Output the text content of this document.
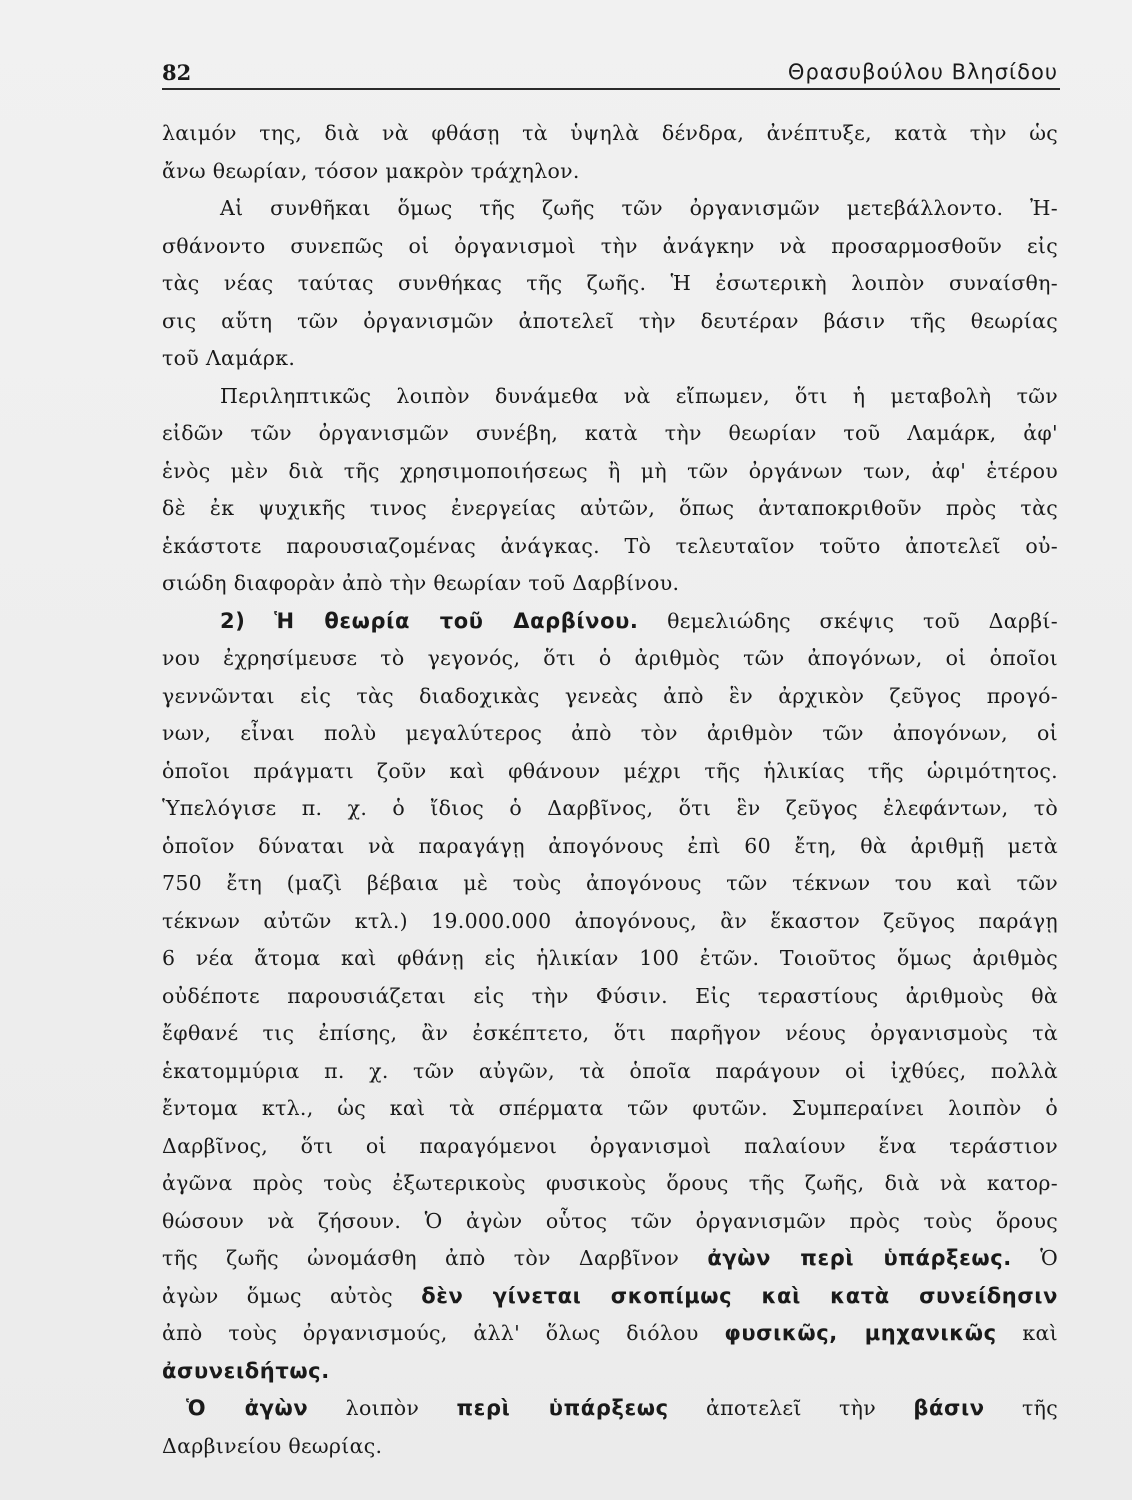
82	Θρασυβούλου Βλησίδου
λαιμόν της, διὰ νὰ φθάσῃ τὰ ὑψηλὰ δένδρα, ἀνέπτυξε, κατὰ τὴν ὡς
ἄνω θεωρίαν, τόσον μακρὸν τράχηλον.
Αἱ συνθῆκαι ὅμως τῆς ζωῆς τῶν ὀργανισμῶν μετεβάλλοντο. Ἠ-
σθάνοντο συνεπῶς οἱ ὀργανισμοὶ τὴν ἀνάγκην νὰ προσαρμοσθοῦν εἰς
τὰς νέας ταύτας συνθήκας τῆς ζωῆς. Ἡ ἐσωτερικὴ λοιπὸν συναίσθη-
σις αὕτη τῶν ὀργανισμῶν ἀποτελεῖ τὴν δευτέραν βάσιν τῆς θεωρίας
τοῦ Λαμάρκ.
Περιληπτικῶς λοιπὸν δυνάμεθα νὰ εἴπωμεν, ὅτι ἡ μεταβολὴ τῶν
εἰδῶν τῶν ὀργανισμῶν συνέβη, κατὰ τὴν θεωρίαν τοῦ Λαμάρκ, ἀφ'
ἑνὸς μὲν διὰ τῆς χρησιμοποιήσεως ἢ μὴ τῶν ὀργάνων των, ἀφ' ἑτέρου
δὲ ἐκ ψυχικῆς τινος ἐνεργείας αὐτῶν, ὅπως ἀνταποκριθοῦν πρὸς τὰς
ἑκάστοτε παρουσιαζομένας ἀνάγκας. Τὸ τελευταῖον τοῦτο ἀποτελεῖ οὐ-
σιώδη διαφορὰν ἀπὸ τὴν θεωρίαν τοῦ Δαρβίνου.
2) Ἡ θεωρία τοῦ Δαρβίνου. θεμελιώδης σκέψις τοῦ Δαρβί-
νου ἐχρησίμευσε τὸ γεγονός, ὅτι ὁ ἀριθμὸς τῶν ἀπογόνων, οἱ ὁποῖοι
γεννῶνται εἰς τὰς διαδοχικὰς γενεὰς ἀπὸ ἓν ἀρχικὸν ζεῦγος προγό-
νων, εἶναι πολὺ μεγαλύτερος ἀπὸ τὸν ἀριθμὸν τῶν ἀπογόνων, οἱ
ὁποῖοι πράγματι ζοῦν καὶ φθάνουν μέχρι τῆς ἡλικίας τῆς ὡριμότητος.
Ὑπελόγισε π. χ. ὁ ἴδιος ὁ Δαρβῖνος, ὅτι ἓν ζεῦγος ἐλεφάντων, τὸ
ὁποῖον δύναται νὰ παραγάγῃ ἀπογόνους ἐπὶ 60 ἔτη, θὰ ἀριθμῇ μετὰ
750 ἔτη (μαζὶ βέβαια μὲ τοὺς ἀπογόνους τῶν τέκνων του καὶ τῶν
τέκνων αὐτῶν κτλ.) 19.000.000 ἀπογόνους, ἂν ἕκαστον ζεῦγος παράγῃ
6 νέα ἄτομα καὶ φθάνῃ εἰς ἡλικίαν 100 ἐτῶν. Τοιοῦτος ὅμως ἀριθμὸς
οὐδέποτε παρουσιάζεται εἰς τὴν Φύσιν. Εἰς τεραστίους ἀριθμοὺς θὰ
ἔφθανέ τις ἐπίσης, ἂν ἐσκέπτετο, ὅτι παρῆγον νέους ὀργανισμοὺς τὰ
ἑκατομμύρια π. χ. τῶν αὐγῶν, τὰ ὁποῖα παράγουν οἱ ἰχθύες, πολλὰ
ἔντομα κτλ., ὡς καὶ τὰ σπέρματα τῶν φυτῶν. Συμπεραίνει λοιπὸν ὁ
Δαρβῖνος, ὅτι οἱ παραγόμενοι ὀργανισμοὶ παλαίουν ἕνα τεράστιον
ἀγῶνα πρὸς τοὺς ἐξωτερικοὺς φυσικοὺς ὅρους τῆς ζωῆς, διὰ νὰ κατορ-
θώσουν νὰ ζήσουν. Ὁ ἀγὼν οὗτος τῶν ὀργανισμῶν πρὸς τοὺς ὅρους
τῆς ζωῆς ὠνομάσθη ἀπὸ τὸν Δαρβῖνον ἀγὼν περὶ ὑπάρξεως. Ὁ
ἀγὼν ὅμως αὐτὸς δὲν γίνεται σκοπίμως καὶ κατὰ συνείδησιν
ἀπὸ τοὺς ὀργανισμούς, ἀλλ' ὅλως διόλου φυσικῶς, μηχανικῶς καὶ
ἀσυνειδήτως.
Ὁ ἀγὼν λοιπὸν περὶ ὑπάρξεως ἀποτελεῖ τὴν βάσιν τῆς
Δαρβινείου θεωρίας.
